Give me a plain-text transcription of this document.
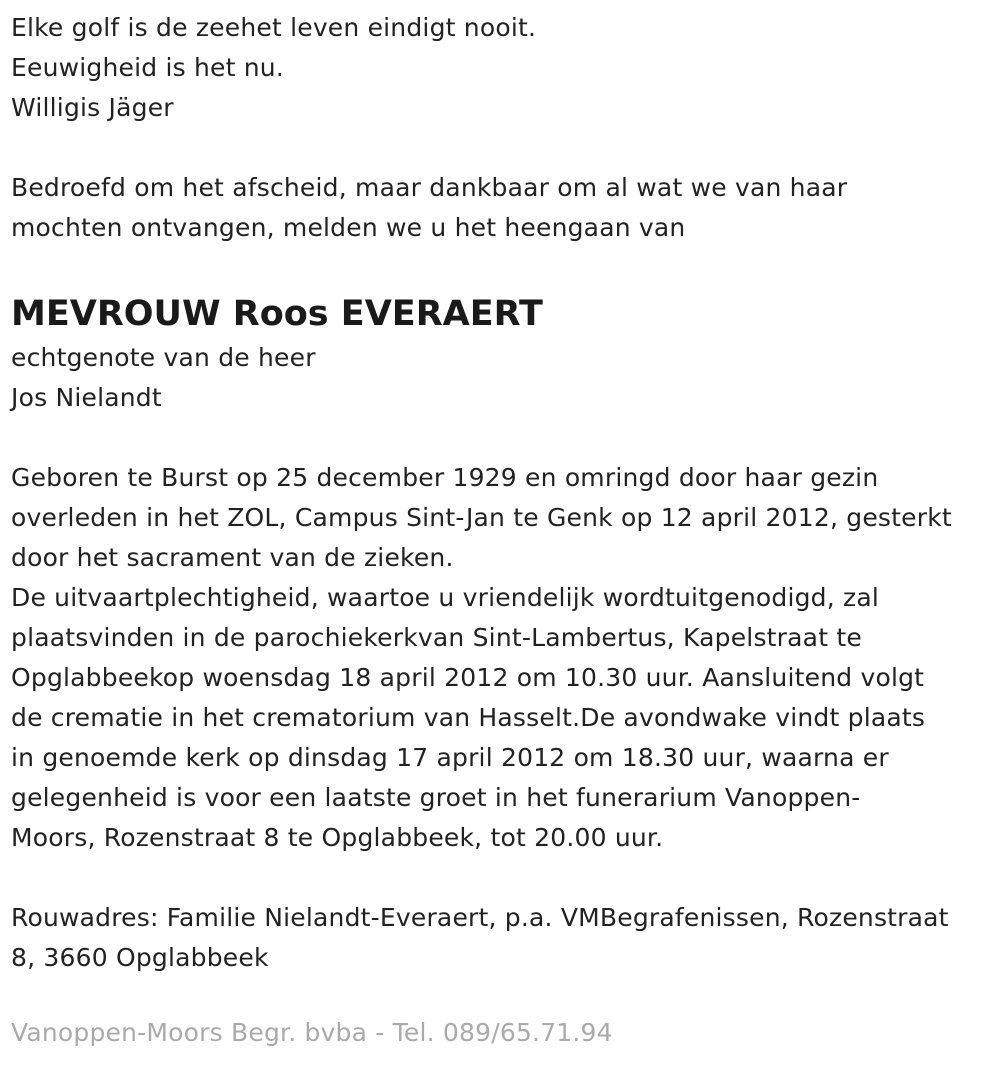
Elke golf is de zeehet leven eindigt nooit.
Eeuwigheid is het nu.
Willigis Jäger
Bedroefd om het afscheid, maar dankbaar om al wat we van haar
mochten ontvangen, melden we u het heengaan van
MEVROUW Roos EVERAERT
echtgenote van de heer
Jos Nielandt
Geboren te Burst op 25 december 1929 en omringd door haar gezin
overleden in het ZOL, Campus Sint-Jan te Genk op 12 april 2012, gesterkt
door het sacrament van de zieken.
De uitvaartplechtigheid, waartoe u vriendelijk wordtuitgenodigd, zal
plaatsvinden in de parochiekerkvan Sint-Lambertus, Kapelstraat te
Opglabbeekop woensdag 18 april 2012 om 10.30 uur. Aansluitend volgt
de crematie in het crematorium van Hasselt.De avondwake vindt plaats
in genoemde kerk op dinsdag 17 april 2012 om 18.30 uur, waarna er
gelegenheid is voor een laatste groet in het funerarium Vanoppen-
Moors, Rozenstraat 8 te Opglabbeek, tot 20.00 uur.
Rouwadres: Familie Nielandt-Everaert, p.a. VMBegrafenissen, Rozenstraat
8, 3660 Opglabbeek
Vanoppen-Moors Begr. bvba - Tel. 089/65.71.94
